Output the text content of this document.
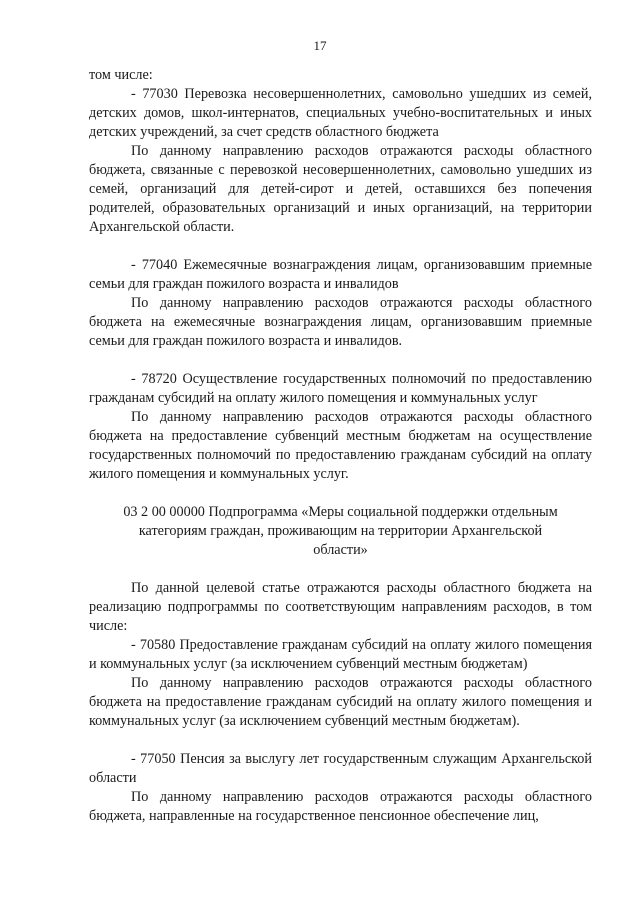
17

том числе:

- 77030 Перевозка несовершеннолетних, самовольно ушедших из семей, детских домов, школ-интернатов, специальных учебно-воспитательных и иных детских учреждений, за счет средств областного бюджета

По данному направлению расходов отражаются расходы областного бюджета, связанные с перевозкой несовершеннолетних, самовольно ушедших из семей, организаций для детей-сирот и детей, оставшихся без попечения родителей, образовательных организаций и иных организаций, на территории Архангельской области.

- 77040 Ежемесячные вознаграждения лицам, организовавшим приемные семьи для граждан пожилого возраста и инвалидов

По данному направлению расходов отражаются расходы областного бюджета на ежемесячные вознаграждения лицам, организовавшим приемные семьи для граждан пожилого возраста и инвалидов.

- 78720 Осуществление государственных полномочий по предоставлению гражданам субсидий на оплату жилого помещения и коммунальных услуг

По данному направлению расходов отражаются расходы областного бюджета на предоставление субвенций местным бюджетам на осуществление государственных полномочий по предоставлению гражданам субсидий на оплату жилого помещения и коммунальных услуг.

03 2 00 00000 Подпрограмма «Меры социальной поддержки отдельным категориям граждан, проживающим на территории Архангельской области»

По данной целевой статье отражаются расходы областного бюджета на реализацию подпрограммы по соответствующим направлениям расходов, в том числе:

- 70580 Предоставление гражданам субсидий на оплату жилого помещения и коммунальных услуг (за исключением субвенций местным бюджетам)

По данному направлению расходов отражаются расходы областного бюджета на предоставление гражданам субсидий на оплату жилого помещения и коммунальных услуг (за исключением субвенций местным бюджетам).

- 77050 Пенсия за выслугу лет государственным служащим Архангельской области

По данному направлению расходов отражаются расходы областного бюджета, направленные на государственное пенсионное обеспечение лиц,
